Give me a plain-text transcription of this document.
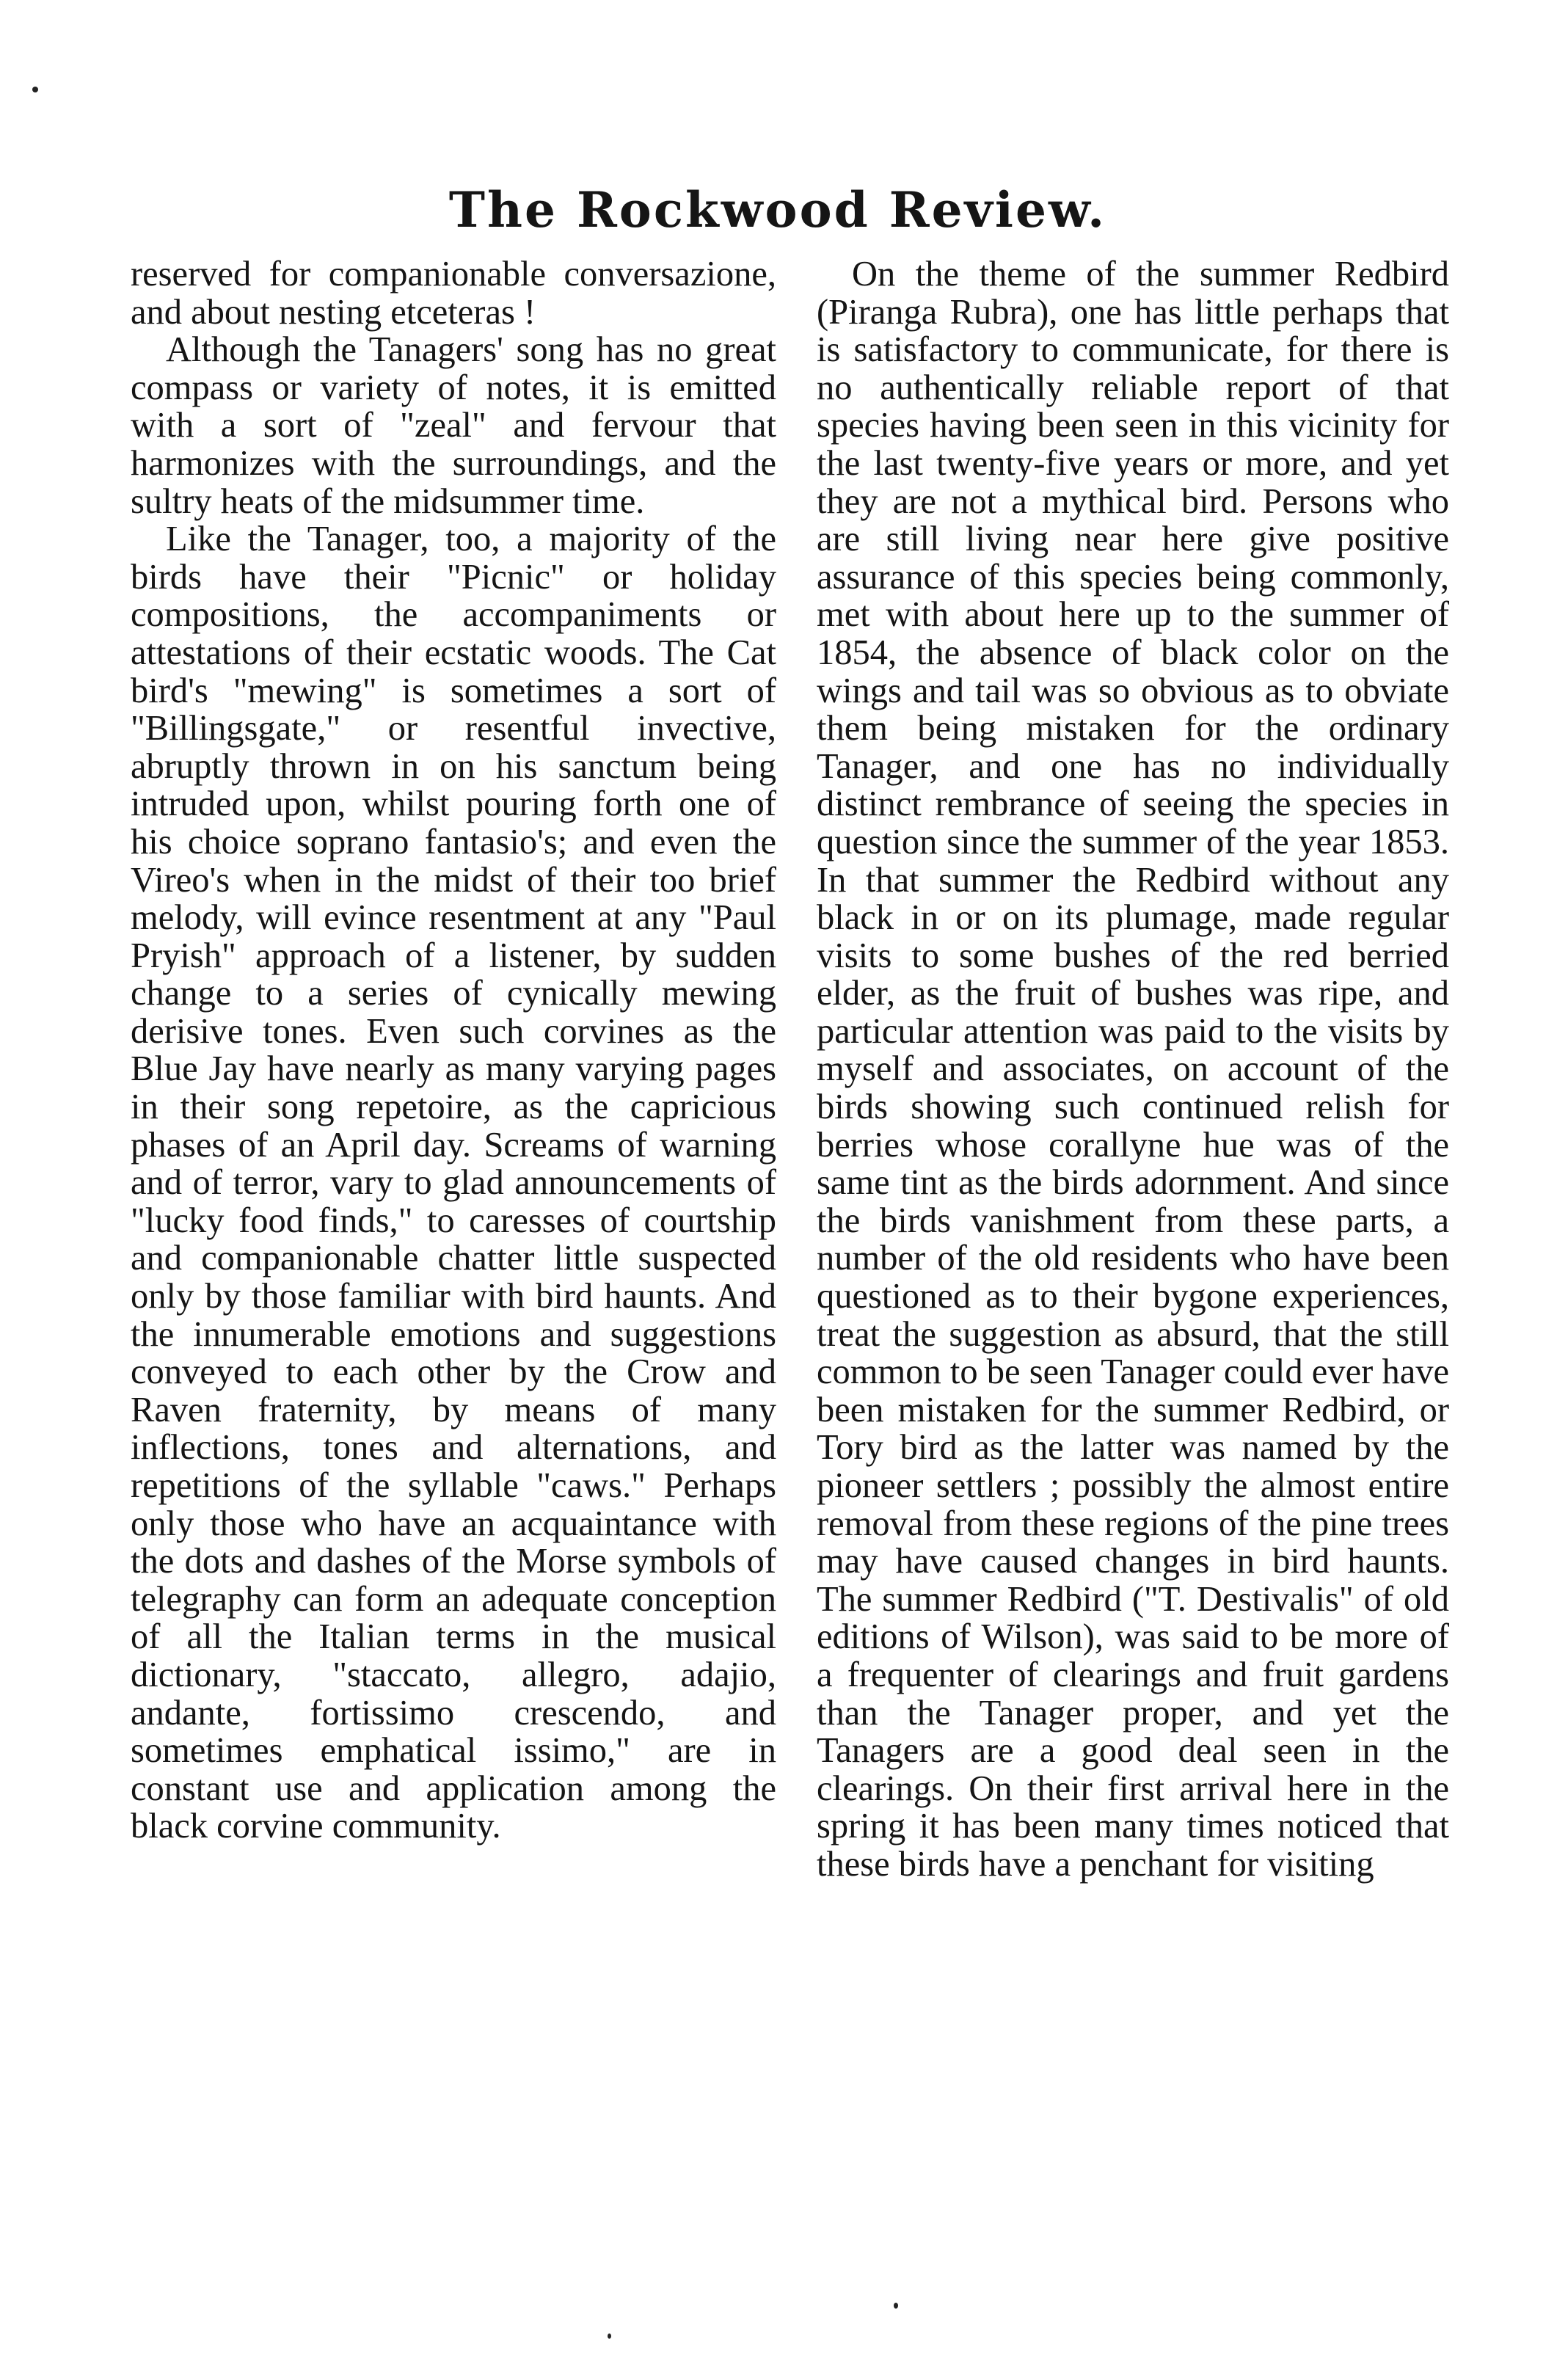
The Rockwood Review.

reserved for companionable conversazione, and about nesting etceteras !

Although the Tanagers' song has no great compass or variety of notes, it is emitted with a sort of "zeal" and fervour that harmonizes with the surroundings, and the sultry heats of the midsummer time.

Like the Tanager, too, a majority of the birds have their "Picnic" or holiday compositions, the accompaniments or attestations of their ecstatic woods. The Cat bird's "mewing" is sometimes a sort of "Billingsgate," or resentful invective, abruptly thrown in on his sanctum being intruded upon, whilst pouring forth one of his choice soprano fantasio's; and even the Vireo's when in the midst of their too brief melody, will evince resentment at any "Paul Pryish" approach of a listener, by sudden change to a series of cynically mewing derisive tones. Even such corvines as the Blue Jay have nearly as many varying pages in their song repetoire, as the capricious phases of an April day. Screams of warning and of terror, vary to glad announcements of "lucky food finds," to caresses of courtship and companionable chatter little suspected only by those familiar with bird haunts. And the innumerable emotions and suggestions conveyed to each other by the Crow and Raven fraternity, by means of many inflections, tones and alternations, and repetitions of the syllable "caws." Perhaps only those who have an acquaintance with the dots and dashes of the Morse symbols of telegraphy can form an adequate conception of all the Italian terms in the musical dictionary, "staccato, allegro, adajio, andante, fortissimo crescendo, and sometimes emphatical issimo," are in constant use and application among the black corvine community.

On the theme of the summer Redbird (Piranga Rubra), one has little perhaps that is satisfactory to communicate, for there is no authentically reliable report of that species having been seen in this vicinity for the last twenty-five years or more, and yet they are not a mythical bird. Persons who are still living near here give positive assurance of this species being commonly, met with about here up to the summer of 1854, the absence of black color on the wings and tail was so obvious as to obviate them being mistaken for the ordinary Tanager, and one has no individually distinct rembrance of seeing the species in question since the summer of the year 1853. In that summer the Redbird without any black in or on its plumage, made regular visits to some bushes of the red berried elder, as the fruit of bushes was ripe, and particular attention was paid to the visits by myself and associates, on account of the birds showing such continued relish for berries whose corallyne hue was of the same tint as the birds adornment. And since the birds vanishment from these parts, a number of the old residents who have been questioned as to their bygone experiences, treat the suggestion as absurd, that the still common to be seen Tanager could ever have been mistaken for the summer Redbird, or Tory bird as the latter was named by the pioneer settlers ; possibly the almost entire removal from these regions of the pine trees may have caused changes in bird haunts. The summer Redbird ("T. Destivalis" of old editions of Wilson), was said to be more of a frequenter of clearings and fruit gardens than the Tanager proper, and yet the Tanagers are a good deal seen in the clearings. On their first arrival here in the spring it has been many times noticed that these birds have a penchant for visiting
